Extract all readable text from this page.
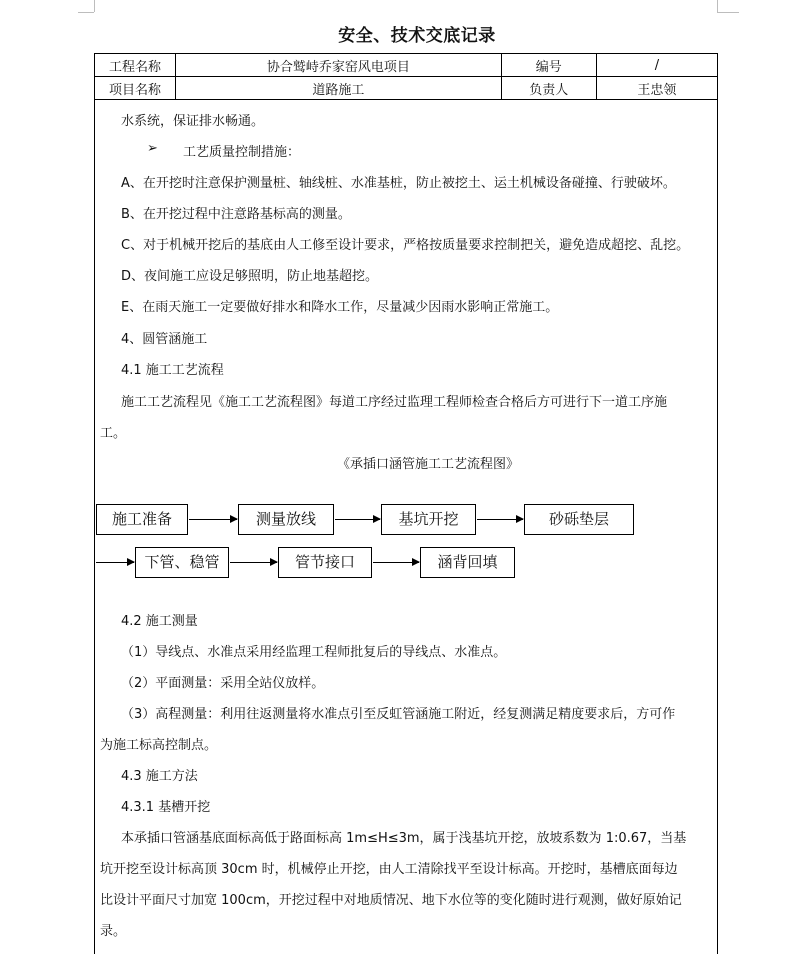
安全、技术交底记录
工程名称	协合鹫峙乔家窑风电项目	编号	/
项目名称	道路施工	负责人	王忠领
水系统，保证排水畅通。
➢	工艺质量控制措施：
A、在开挖时注意保护测量桩、轴线桩、水准基桩，防止被挖土、运土机械设备碰撞、行驶破坏。
B、在开挖过程中注意路基标高的测量。
C、对于机械开挖后的基底由人工修至设计要求，严格按质量要求控制把关，避免造成超挖、乱挖。
D、夜间施工应设足够照明，防止地基超挖。
E、在雨天施工一定要做好排水和降水工作，尽量减少因雨水影响正常施工。
4、圆管涵施工
4.1 施工工艺流程
施工工艺流程见《施工工艺流程图》每道工序经过监理工程师检查合格后方可进行下一道工序施
工。
《承插口涵管施工工艺流程图》
施工准备	测量放线	基坑开挖	砂砾垫层
下管、稳管	管节接口	涵背回填
4.2 施工测量
（1）导线点、水准点采用经监理工程师批复后的导线点、水准点。
（2）平面测量：采用全站仪放样。
（3）高程测量：利用往返测量将水准点引至反虹管涵施工附近，经复测满足精度要求后，方可作
为施工标高控制点。
4.3 施工方法
4.3.1 基槽开挖
本承插口管涵基底面标高低于路面标高 1m≤H≤3m，属于浅基坑开挖，放坡系数为 1:0.67，当基
坑开挖至设计标高顶 30cm 时，机械停止开挖，由人工清除找平至设计标高。开挖时，基槽底面每边
比设计平面尺寸加宽 100cm，开挖过程中对地质情况、地下水位等的变化随时进行观测，做好原始记
录。
